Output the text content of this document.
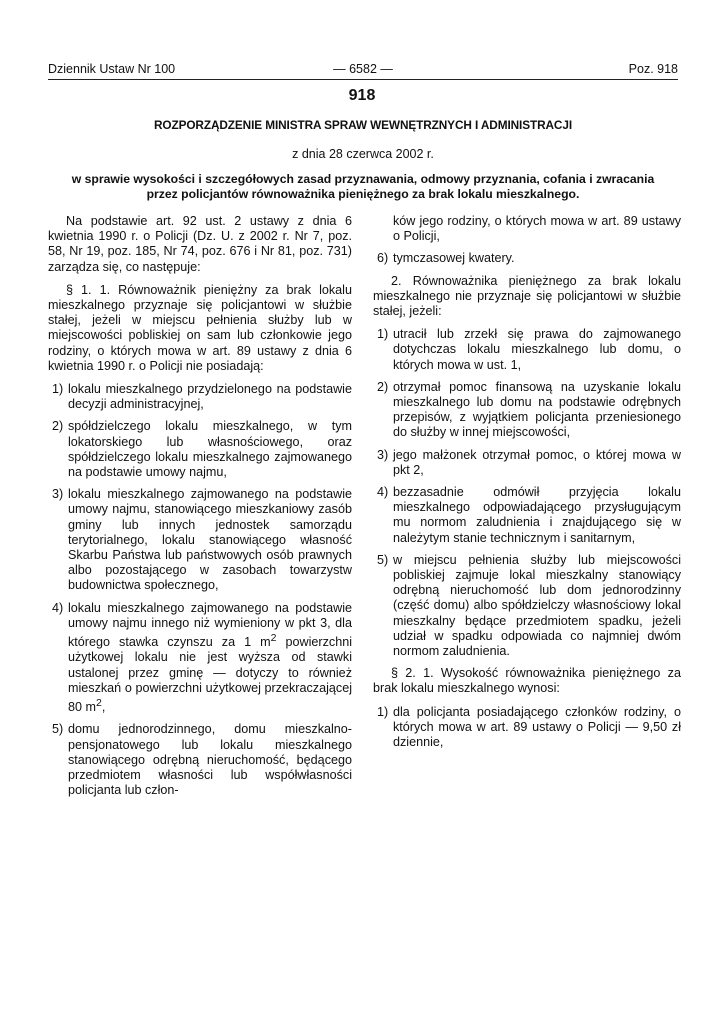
Dziennik Ustaw Nr 100	— 6582 —	Poz. 918
918
ROZPORZĄDZENIE MINISTRA SPRAW WEWNĘTRZNYCH I ADMINISTRACJI
z dnia 28 czerwca 2002 r.
w sprawie wysokości i szczegółowych zasad przyznawania, odmowy przyznania, cofania i zwracania
przez policjantów równoważnika pieniężnego za brak lokalu mieszkalnego.

Na podstawie art. 92 ust. 2 ustawy z dnia 6 kwietnia 1990 r. o Policji (Dz. U. z 2002 r. Nr 7, poz. 58, Nr 19, poz. 185, Nr 74, poz. 676 i Nr 81, poz. 731) zarządza się, co następuje:

§ 1. 1. Równoważnik pieniężny za brak lokalu mieszkalnego przyznaje się policjantowi w służbie stałej, jeżeli w miejscu pełnienia służby lub w miejscowości pobliskiej on sam lub członkowie jego rodziny, o których mowa w art. 89 ustawy z dnia 6 kwietnia 1990 r. o Policji nie posiadają:

1) lokalu mieszkalnego przydzielonego na podstawie decyzji administracyjnej,
2) spółdzielczego lokalu mieszkalnego, w tym lokatorskiego lub własnościowego, oraz spółdzielczego lokalu mieszkalnego zajmowanego na podstawie umowy najmu,
3) lokalu mieszkalnego zajmowanego na podstawie umowy najmu, stanowiącego mieszkaniowy zasób gminy lub innych jednostek samorządu terytorialnego, lokalu stanowiącego własność Skarbu Państwa lub państwowych osób prawnych albo pozostającego w zasobach towarzystw budownictwa społecznego,
4) lokalu mieszkalnego zajmowanego na podstawie umowy najmu innego niż wymieniony w pkt 3, dla którego stawka czynszu za 1 $m^2$ powierzchni użytkowej lokalu nie jest wyższa od stawki ustalonej przez gminę — dotyczy to również mieszkań o powierzchni użytkowej przekraczającej 80 $m^2$,
5) domu jednorodzinnego, domu mieszkalno-pensjonatowego lub lokalu mieszkalnego stanowiącego odrębną nieruchomość, będącego przedmiotem własności lub współwłasności policjanta lub człon-
ków jego rodziny, o których mowa w art. 89 ustawy o Policji,
6) tymczasowej kwatery.

2. Równoważnika pieniężnego za brak lokalu mieszkalnego nie przyznaje się policjantowi w służbie stałej, jeżeli:

1) utracił lub zrzekł się prawa do zajmowanego dotychczas lokalu mieszkalnego lub domu, o których mowa w ust. 1,
2) otrzymał pomoc finansową na uzyskanie lokalu mieszkalnego lub domu na podstawie odrębnych przepisów, z wyjątkiem policjanta przeniesionego do służby w innej miejscowości,
3) jego małżonek otrzymał pomoc, o której mowa w pkt 2,
4) bezzasadnie odmówił przyjęcia lokalu mieszkalnego odpowiadającego przysługującym mu normom zaludnienia i znajdującego się w należytym stanie technicznym i sanitarnym,
5) w miejscu pełnienia służby lub miejscowości pobliskiej zajmuje lokal mieszkalny stanowiący odrębną nieruchomość lub dom jednorodzinny (część domu) albo spółdzielczy własnościowy lokal mieszkalny będące przedmiotem spadku, jeżeli udział w spadku odpowiada co najmniej dwóm normom zaludnienia.

§ 2. 1. Wysokość równoważnika pieniężnego za brak lokalu mieszkalnego wynosi:

1) dla policjanta posiadającego członków rodziny, o których mowa w art. 89 ustawy o Policji — 9,50 zł dziennie,
